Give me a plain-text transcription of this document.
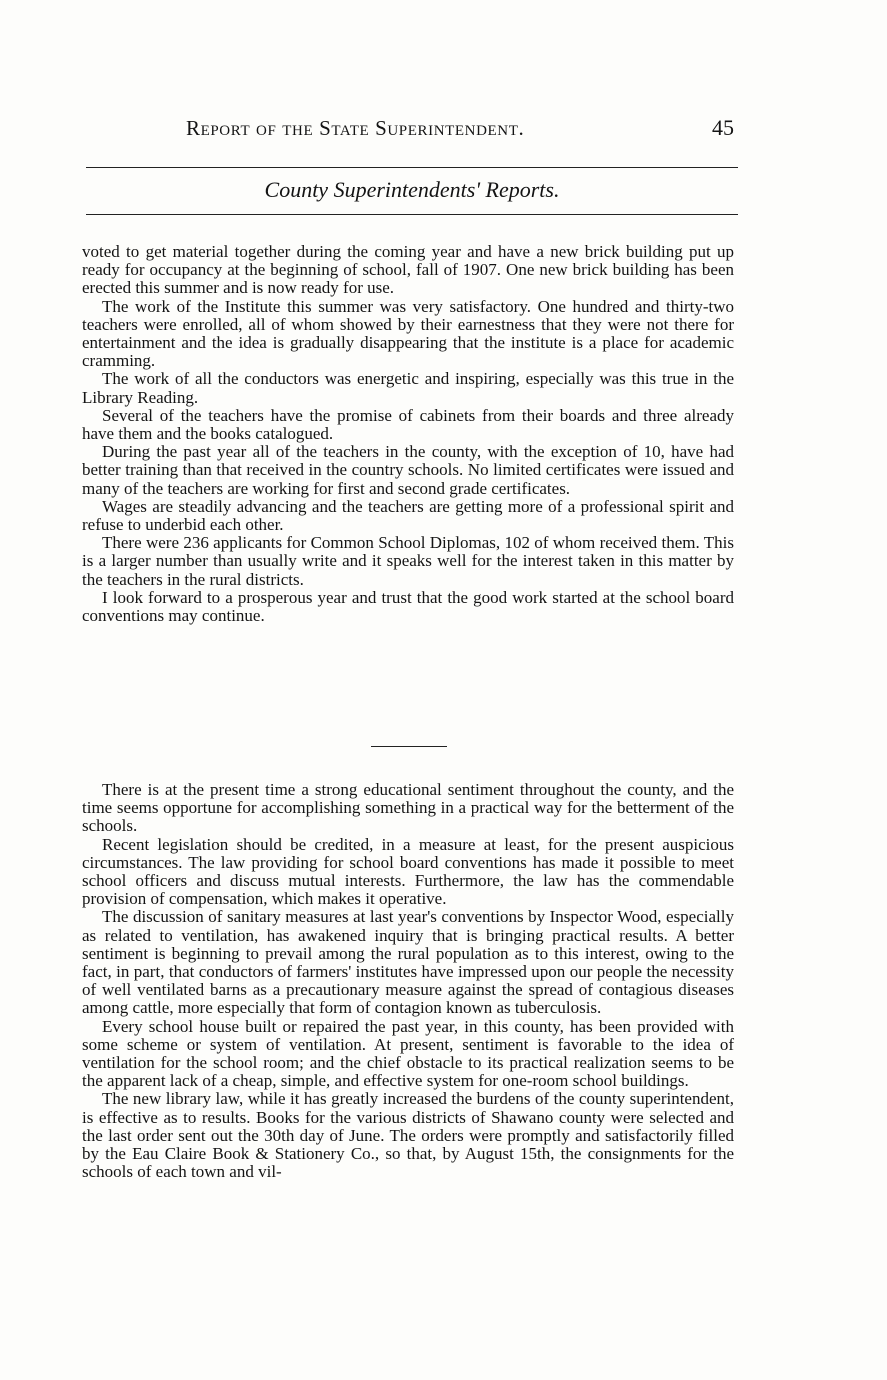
Report of the State Superintendent.	45
County Superintendents' Reports.

voted to get material together during the coming year and have a new brick building put up ready for occupancy at the beginning of school, fall of 1907. One new brick building has been erected this summer and is now ready for use.

The work of the Institute this summer was very satisfactory. One hundred and thirty-two teachers were enrolled, all of whom showed by their earnestness that they were not there for entertainment and the idea is gradually disappearing that the institute is a place for academic cramming.

The work of all the conductors was energetic and inspiring, especially was this true in the Library Reading.

Several of the teachers have the promise of cabinets from their boards and three already have them and the books catalogued.

During the past year all of the teachers in the county, with the exception of 10, have had better training than that received in the country schools. No limited certificates were issued and many of the teachers are working for first and second grade certificates.

Wages are steadily advancing and the teachers are getting more of a professional spirit and refuse to underbid each other.

There were 236 applicants for Common School Diplomas, 102 of whom received them. This is a larger number than usually write and it speaks well for the interest taken in this matter by the teachers in the rural districts.

I look forward to a prosperous year and trust that the good work started at the school board conventions may continue.

There is at the present time a strong educational sentiment throughout the county, and the time seems opportune for accomplishing something in a practical way for the betterment of the schools.

Recent legislation should be credited, in a measure at least, for the present auspicious circumstances. The law providing for school board conventions has made it possible to meet school officers and discuss mutual interests. Furthermore, the law has the commendable provision of compensation, which makes it operative.

The discussion of sanitary measures at last year's conventions by Inspector Wood, especially as related to ventilation, has awakened inquiry that is bringing practical results. A better sentiment is beginning to prevail among the rural population as to this interest, owing to the fact, in part, that conductors of farmers' institutes have impressed upon our people the necessity of well ventilated barns as a precautionary measure against the spread of contagious diseases among cattle, more especially that form of contagion known as tuberculosis.

Every school house built or repaired the past year, in this county, has been provided with some scheme or system of ventilation. At present, sentiment is favorable to the idea of ventilation for the school room; and the chief obstacle to its practical realization seems to be the apparent lack of a cheap, simple, and effective system for one-room school buildings.

The new library law, while it has greatly increased the burdens of the county superintendent, is effective as to results. Books for the various districts of Shawano county were selected and the last order sent out the 30th day of June. The orders were promptly and satisfactorily filled by the Eau Claire Book & Stationery Co., so that, by August 15th, the consignments for the schools of each town and vil-
